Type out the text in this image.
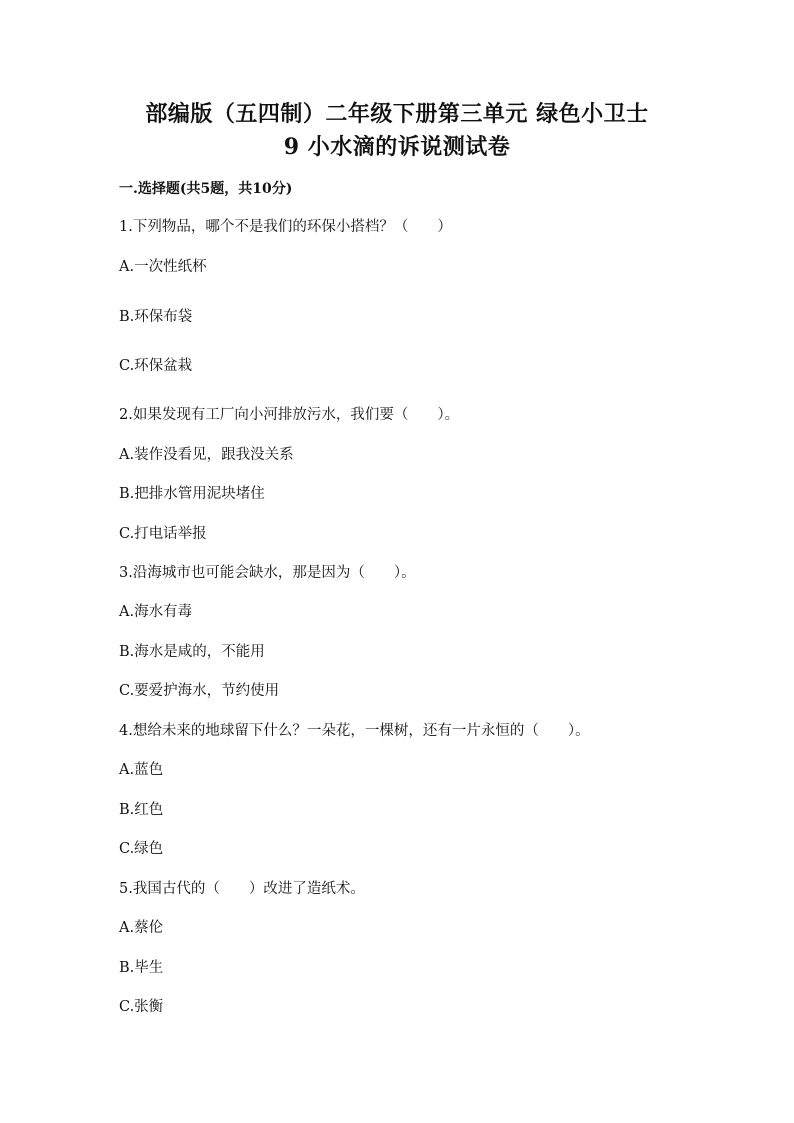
部编版（五四制）二年级下册第三单元 绿色小卫士
9 小水滴的诉说测试卷
一.选择题(共5题，共10分)
1.下列物品，哪个不是我们的环保小搭档？（　　）
A.一次性纸杯
B.环保布袋
C.环保盆栽
2.如果发现有工厂向小河排放污水，我们要（　　）。
A.装作没看见，跟我没关系
B.把排水管用泥块堵住
C.打电话举报
3.沿海城市也可能会缺水，那是因为（　　）。
A.海水有毒
B.海水是咸的，不能用
C.要爱护海水，节约使用
4.想给未来的地球留下什么？一朵花，一棵树，还有一片永恒的（　　）。
A.蓝色
B.红色
C.绿色
5.我国古代的（　　）改进了造纸术。
A.蔡伦
B.毕生
C.张衡
